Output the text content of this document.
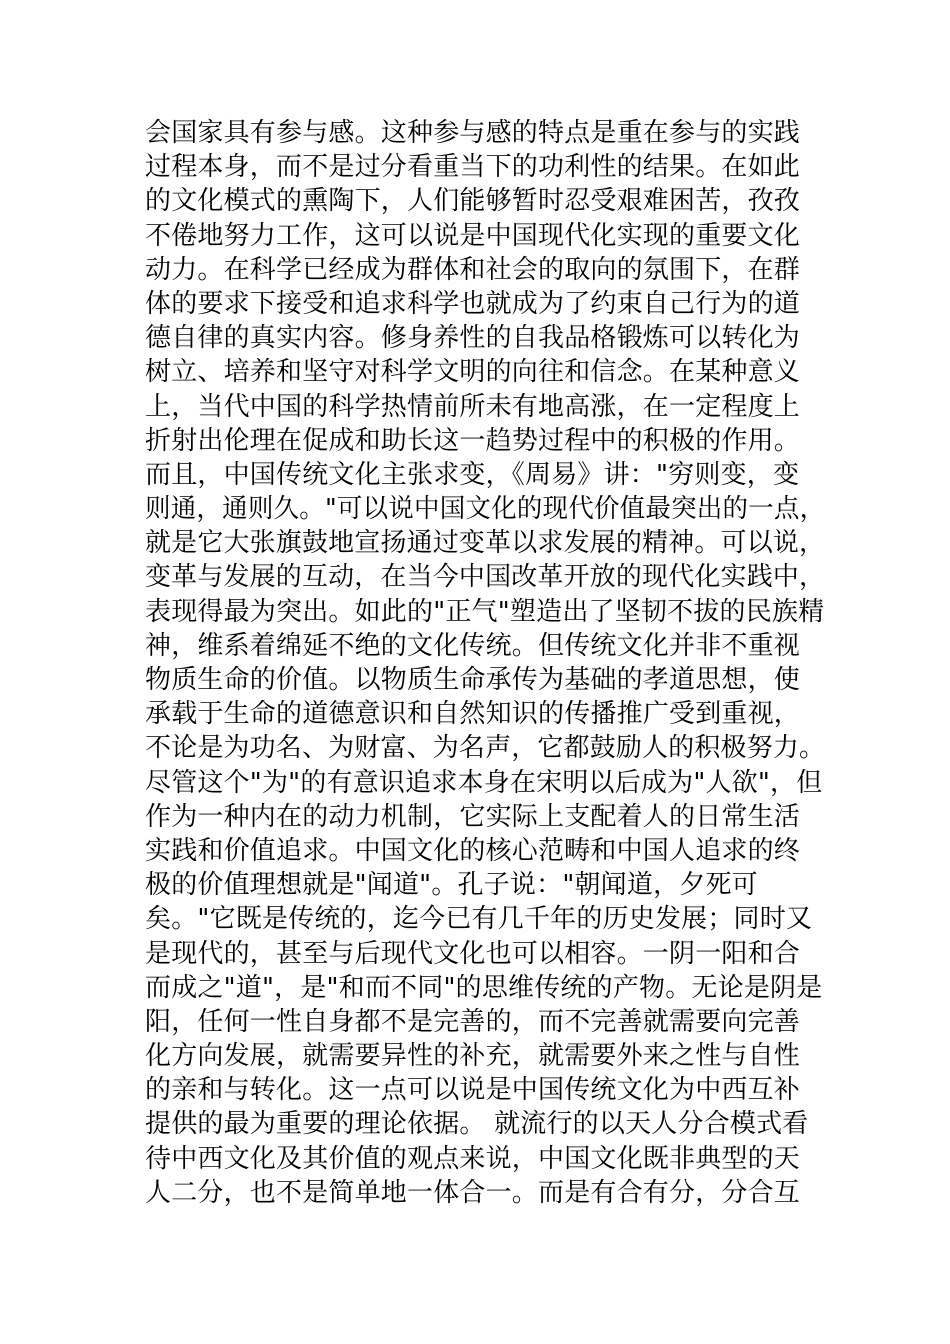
会国家具有参与感。这种参与感的特点是重在参与的实践
过程本身，而不是过分看重当下的功利性的结果。在如此
的文化模式的熏陶下，人们能够暂时忍受艰难困苦，孜孜
不倦地努力工作，这可以说是中国现代化实现的重要文化
动力。在科学已经成为群体和社会的取向的氛围下，在群
体的要求下接受和追求科学也就成为了约束自己行为的道
德自律的真实内容。修身养性的自我品格锻炼可以转化为
树立、培养和坚守对科学文明的向往和信念。在某种意义
上，当代中国的科学热情前所未有地高涨，在一定程度上
折射出伦理在促成和助长这一趋势过程中的积极的作用。
而且，中国传统文化主张求变，《周易》讲："穷则变，变
则通，通则久。"可以说中国文化的现代价值最突出的一点，
就是它大张旗鼓地宣扬通过变革以求发展的精神。可以说，
变革与发展的互动，在当今中国改革开放的现代化实践中，
表现得最为突出。如此的"正气"塑造出了坚韧不拔的民族精
神，维系着绵延不绝的文化传统。但传统文化并非不重视
物质生命的价值。以物质生命承传为基础的孝道思想，使
承载于生命的道德意识和自然知识的传播推广受到重视，
不论是为功名、为财富、为名声，它都鼓励人的积极努力。
尽管这个"为"的有意识追求本身在宋明以后成为"人欲"，但
作为一种内在的动力机制，它实际上支配着人的日常生活
实践和价值追求。中国文化的核心范畴和中国人追求的终
极的价值理想就是"闻道"。孔子说："朝闻道，夕死可
矣。"它既是传统的，迄今已有几千年的历史发展；同时又
是现代的，甚至与后现代文化也可以相容。一阴一阳和合
而成之"道"，是"和而不同"的思维传统的产物。无论是阴是
阳，任何一性自身都不是完善的，而不完善就需要向完善
化方向发展，就需要异性的补充，就需要外来之性与自性
的亲和与转化。这一点可以说是中国传统文化为中西互补
提供的最为重要的理论依据。 就流行的以天人分合模式看
待中西文化及其价值的观点来说，中国文化既非典型的天
人二分，也不是简单地一体合一。而是有合有分，分合互
